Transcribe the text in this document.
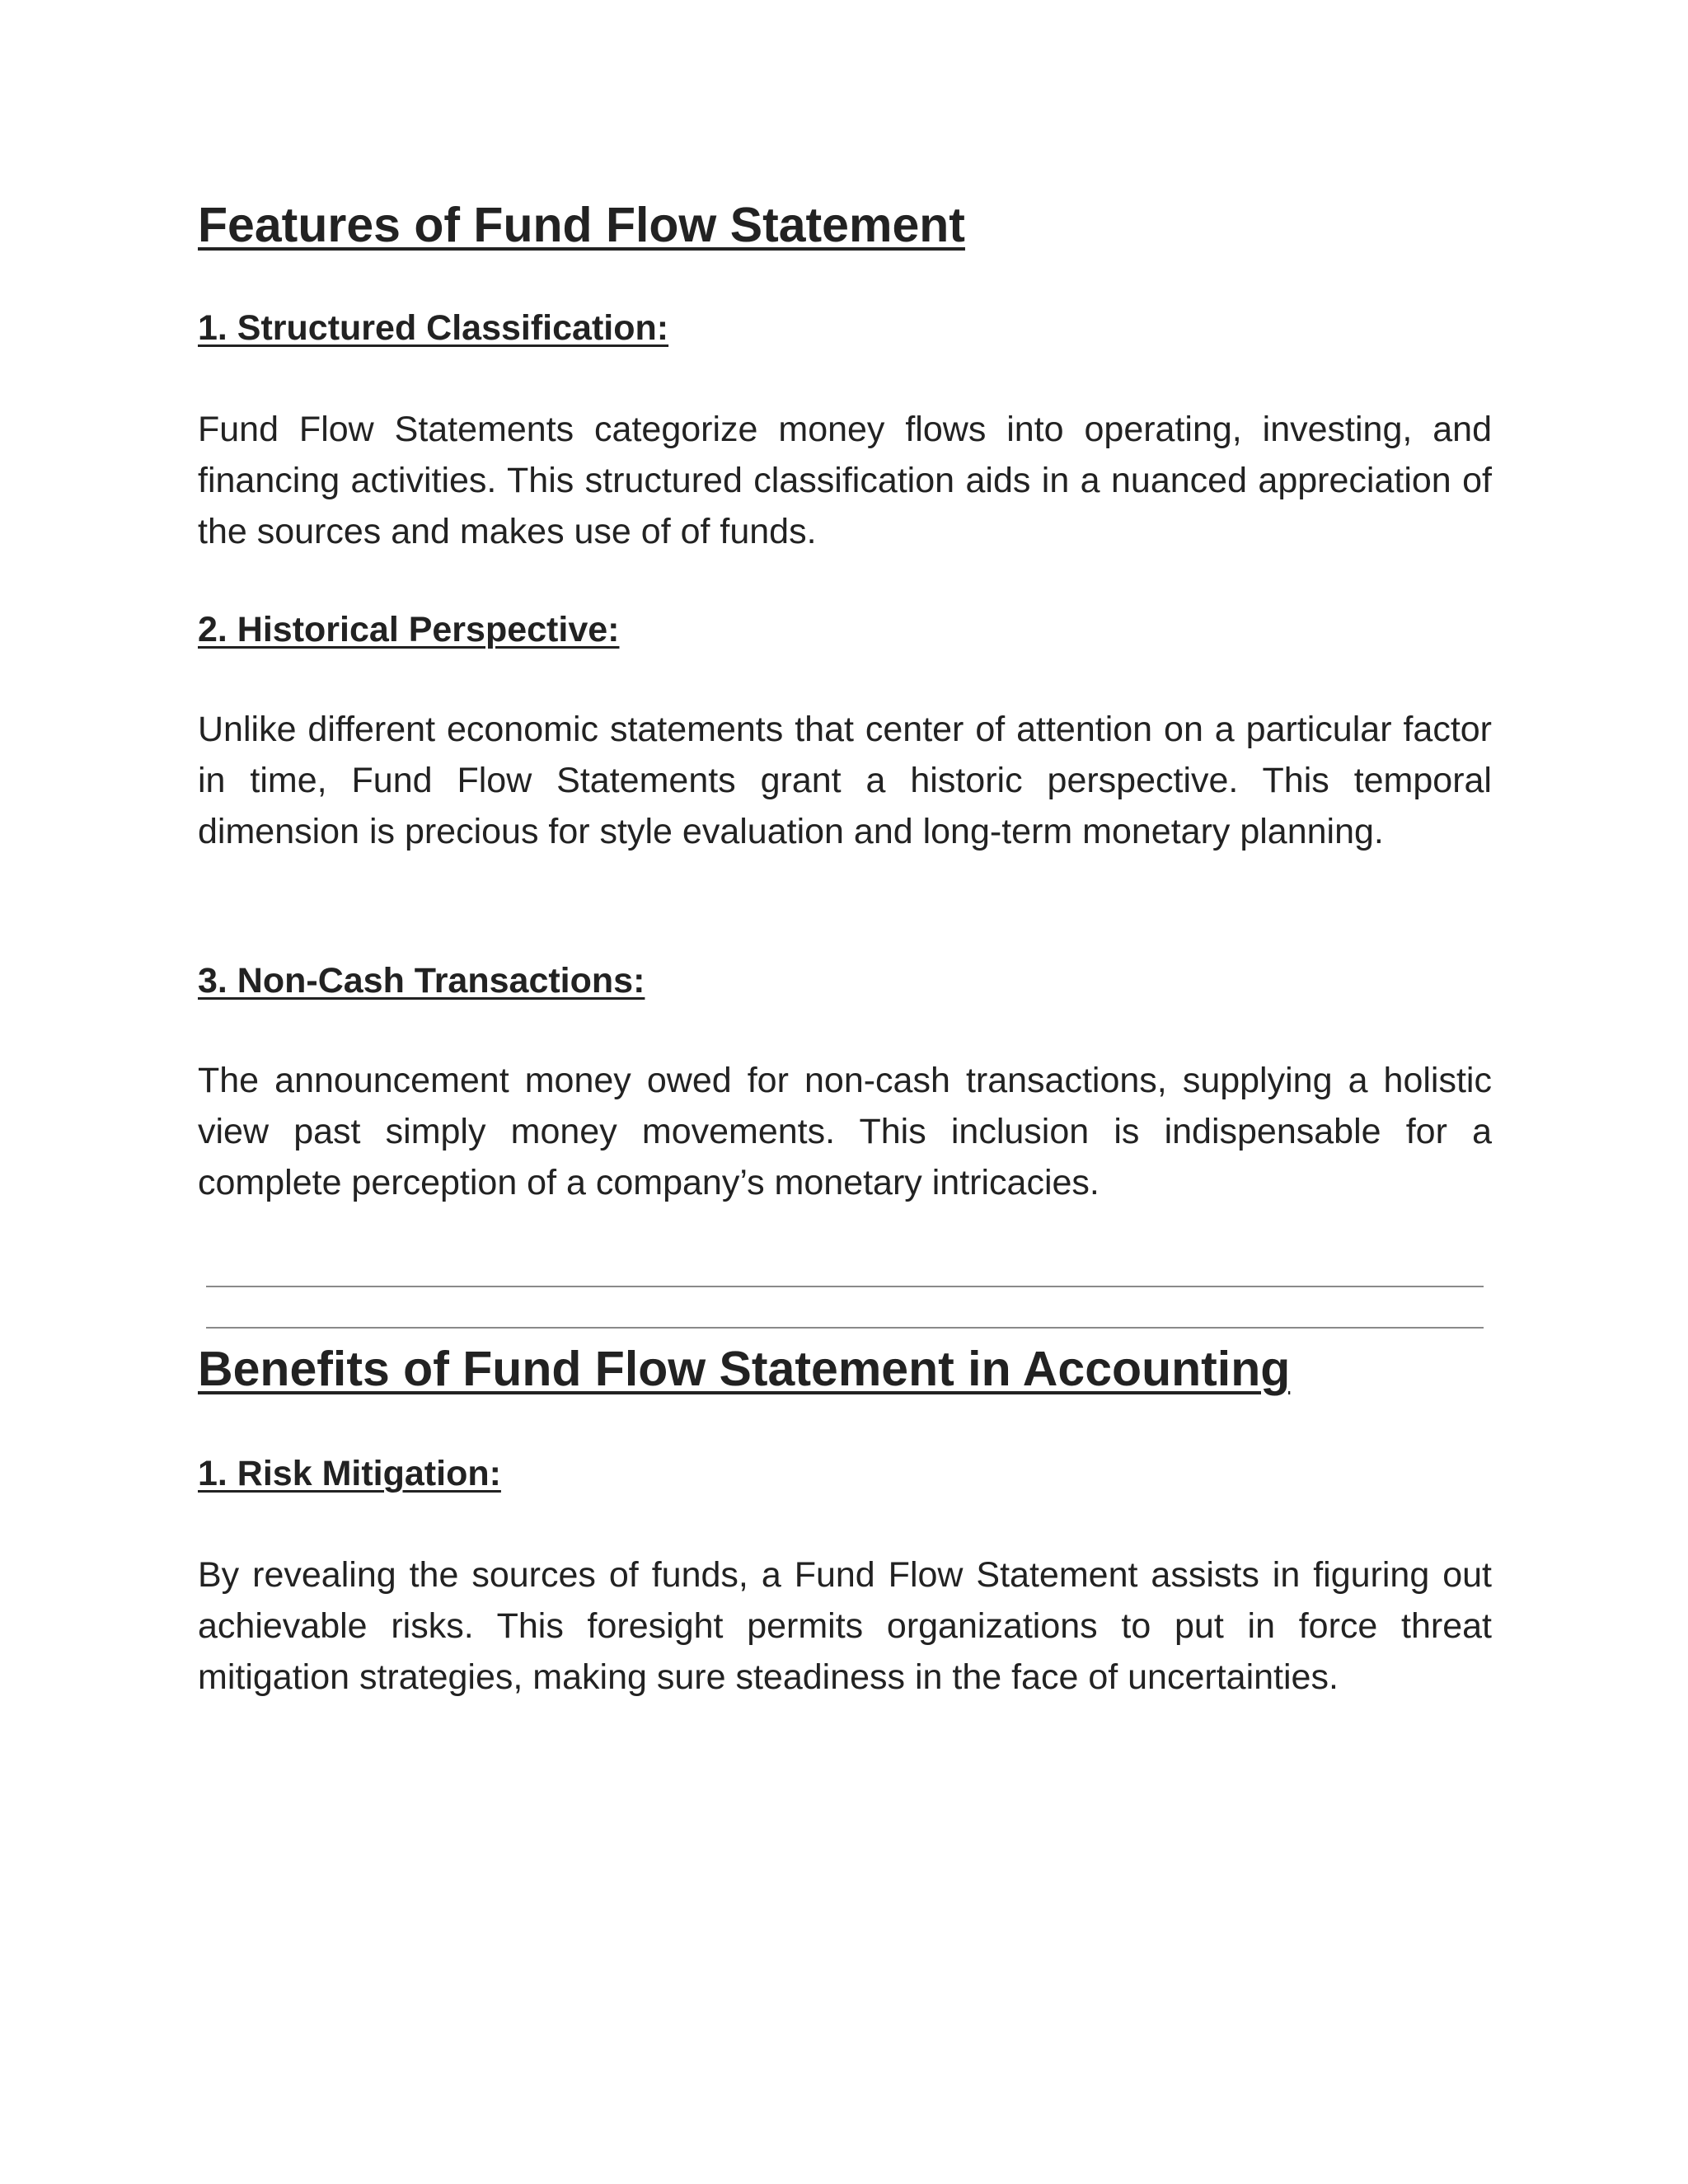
Features of Fund Flow Statement
1. Structured Classification:

Fund Flow Statements categorize money flows into operating, investing, and financing activities. This structured classification aids in a nuanced appreciation of the sources and makes use of of funds.

2. Historical Perspective:

Unlike different economic statements that center of attention on a particular factor in time, Fund Flow Statements grant a historic perspective. This temporal dimension is precious for style evaluation and long-term monetary planning.

3. Non-Cash Transactions:

The announcement money owed for non-cash transactions, supplying a holistic view past simply money movements. This inclusion is indispensable for a complete perception of a company’s monetary intricacies.

Benefits of Fund Flow Statement in Accounting
1. Risk Mitigation:

By revealing the sources of funds, a Fund Flow Statement assists in figuring out achievable risks. This foresight permits organizations to put in force threat mitigation strategies, making sure steadiness in the face of uncertainties.
